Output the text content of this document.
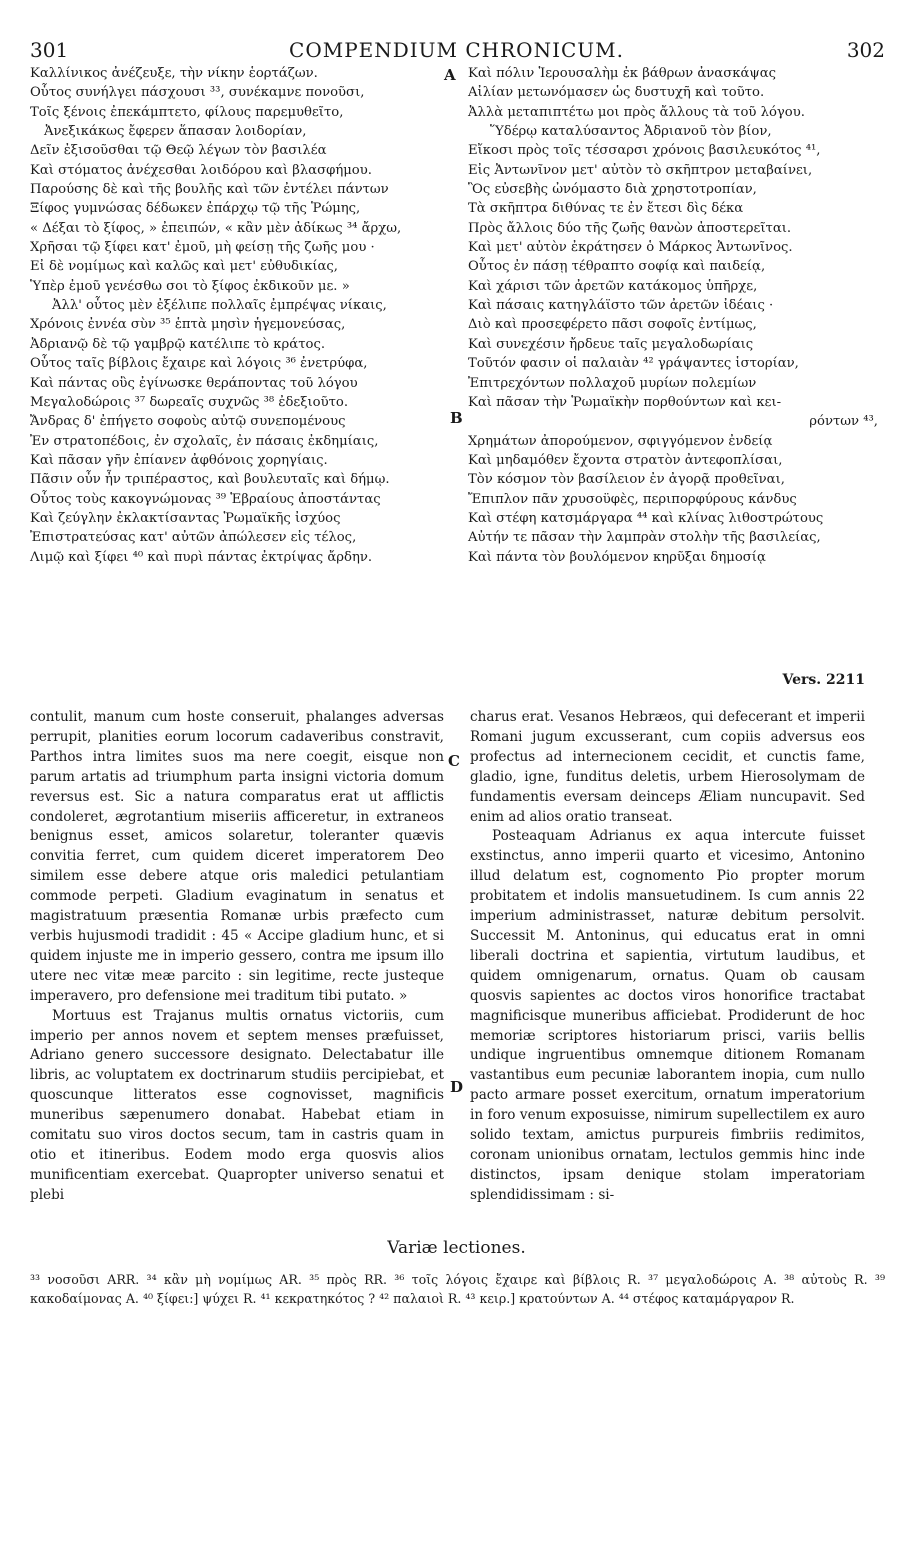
301	COMPENDIUM CHRONICUM.	302
Καλλίνικος ἀνέζευξε, τὴν νίκην ἑορτάζων.
Οὗτος συνήλγει πάσχουσι ³³, συνέκαμνε πονοῦσι,
Τοῖς ξένοις ἐπεκάμπτετο, φίλους παρεμυθεῖτο,
Ἀνεξικάκως ἔφερεν ἅπασαν λοιδορίαν,
Δεῖν ἐξισοῦσθαι τῷ Θεῷ λέγων τὸν βασιλέα
Καὶ στόματος ἀνέχεσθαι λοιδόρου καὶ βλασφήμου.
Παρούσης δὲ καὶ τῆς βουλῆς καὶ τῶν ἐντέλει πάντων
Ξίφος γυμνώσας δέδωκεν ἐπάρχῳ τῷ τῆς Ῥώμης,
« Δέξαι τὸ ξίφος, » ἐπειπών, « κἂν μὲν ἀδίκως ³⁴ ἄρχω,
Χρῆσαι τῷ ξίφει κατ' ἐμοῦ, μὴ φείσῃ τῆς ζωῆς μου ·
Εἰ δὲ νομίμως καὶ καλῶς καὶ μετ' εὐθυδικίας,
Ὑπὲρ ἐμοῦ γενέσθω σοι τὸ ξίφος ἐκδικοῦν με. »
Ἀλλ' οὗτος μὲν ἐξέλιπε πολλαῖς ἐμπρέψας νίκαις,
Χρόνοις ἐννέα σὺν ³⁵ ἑπτὰ μησὶν ἡγεμονεύσας,
Ἀδριανῷ δὲ τῷ γαμβρῷ κατέλιπε τὸ κράτος.
Οὗτος ταῖς βίβλοις ἔχαιρε καὶ λόγοις ³⁶ ἐνετρύφα,
Καὶ πάντας οὓς ἐγίνωσκε θεράποντας τοῦ λόγου
Μεγαλοδώροις ³⁷ δωρεαῖς συχνῶς ³⁸ ἐδεξιοῦτο.
Ἄνδρας δ' ἐπήγετο σοφοὺς αὐτῷ συνεπομένους
Ἐν στρατοπέδοις, ἐν σχολαῖς, ἐν πάσαις ἐκδημίαις,
Καὶ πᾶσαν γῆν ἐπίανεν ἀφθόνοις χορηγίαις.
Πᾶσιν οὖν ἦν τριπέραστος, καὶ βουλευταῖς καὶ δήμῳ.
Οὗτος τοὺς κακογνώμονας ³⁹ Ἑβραίους ἀποστάντας
Καὶ ζεύγλην ἐκλακτίσαντας Ῥωμαϊκῆς ἰσχύος
Ἐπιστρατεύσας κατ' αὐτῶν ἀπώλεσεν εἰς τέλος,
Λιμῷ καὶ ξίφει ⁴⁰ καὶ πυρὶ πάντας ἐκτρίψας ἄρδην.
Καὶ πόλιν Ἱερουσαλὴμ ἐκ βάθρων ἀνασκάψας
Αἰλίαν μετωνόμασεν ὡς δυστυχῆ καὶ τοῦτο.
Ἀλλὰ μεταπιπτέτω μοι πρὸς ἄλλους τὰ τοῦ λόγου.
Ὕδέρῳ καταλύσαντος Ἀδριανοῦ τὸν βίον,
Εἴκοσι πρὸς τοῖς τέσσαρσι χρόνοις βασιλευκότος ⁴¹,
Εἰς Ἀντωνῖνον μετ' αὐτὸν τὸ σκῆπτρον μεταβαίνει,
Ὃς εὐσεβὴς ὠνόμαστο διὰ χρηστοτροπίαν,
Τὰ σκῆπτρα διθύνας τε ἐν ἔτεσι δὶς δέκα
Πρὸς ἄλλοις δύο τῆς ζωῆς θανὼν ἀποστερεῖται.
Καὶ μετ' αὐτὸν ἐκράτησεν ὁ Μάρκος Ἀντωνῖνος.
Οὗτος ἐν πάσῃ τέθραπτο σοφίᾳ καὶ παιδείᾳ,
Καὶ χάρισι τῶν ἀρετῶν κατάκομος ὑπῆρχε,
Καὶ πάσαις κατηγλάϊστο τῶν ἀρετῶν ἰδέαις ·
Διὸ καὶ προσεφέρετο πᾶσι σοφοῖς ἐντίμως,
Καὶ συνεχέσιν ἤρδευε ταῖς μεγαλοδωρίαις
Τοῦτόν φασιν οἱ παλαιὰν ⁴² γράψαντες ἱστορίαν,
Ἐπιτρεχόντων πολλαχοῦ μυρίων πολεμίων
Καὶ πᾶσαν τὴν Ῥωμαϊκὴν πορθούντων καὶ κει-
ρόντων ⁴³,
Χρημάτων ἀπορούμενον, σφιγγόμενον ἐνδείᾳ
Καὶ μηδαμόθεν ἔχοντα στρατὸν ἀντεφοπλίσαι,
Τὸν κόσμον τὸν βασίλειον ἐν ἀγορᾷ προθεῖναι,
Ἔπιπλον πᾶν χρυσοϋφὲς, περιπορφύρους κάνδυς
Καὶ στέφη κατσμάργαρα ⁴⁴ καὶ κλίνας λιθοστρώτους
Αὐτήν τε πᾶσαν τὴν λαμπρὰν στολὴν τῆς βασιλείας,
Καὶ πάντα τὸν βουλόμενον κηρῦξαι δημοσίᾳ
A
B
C
D
Vers. 2211

contulit, manum cum hoste conseruit, phalanges adversas perrupit, planities eorum locorum cadaveribus constravit, Parthos intra limites suos ma nere coegit, eisque non parum artatis ad triumphum parta insigni victoria domum reversus est. Sic a natura comparatus erat ut afflictis condoleret, ægrotantium miseriis afficeretur, in extraneos benignus esset, amicos solaretur, toleranter quævis convitia ferret, cum quidem diceret imperatorem Deo similem esse debere atque oris maledici petulantiam commode perpeti. Gladium evaginatum in senatus et magistratuum præsentia Romanæ urbis præfecto cum verbis hujusmodi tradidit : 45 « Accipe gladium hunc, et si quidem injuste me in imperio gessero, contra me ipsum illo utere nec vitæ meæ parcito : sin legitime, recte justeque imperavero, pro defensione mei traditum tibi putato. »

Mortuus est Trajanus multis ornatus victoriis, cum imperio per annos novem et septem menses præfuisset, Adriano genero successore designato. Delectabatur ille libris, ac voluptatem ex doctrinarum studiis percipiebat, et quoscunque litteratos esse cognovisset, magnificis muneribus sæpenumero donabat. Habebat etiam in comitatu suo viros doctos secum, tam in castris quam in otio et itineribus. Eodem modo erga quosvis alios munificentiam exercebat. Quapropter universo senatui et plebi

charus erat. Vesanos Hebræos, qui defecerant et imperii Romani jugum excusserant, cum copiis adversus eos profectus ad internecionem cecidit, et cunctis fame, gladio, igne, funditus deletis, urbem Hierosolymam de fundamentis eversam deinceps Æliam nuncupavit. Sed enim ad alios oratio transeat.

Posteaquam Adrianus ex aqua intercute fuisset exstinctus, anno imperii quarto et vicesimo, Antonino illud delatum est, cognomento Pio propter morum probitatem et indolis mansuetudinem. Is cum annis 22 imperium administrasset, naturæ debitum persolvit. Successit M. Antoninus, qui educatus erat in omni liberali doctrina et sapientia, virtutum laudibus, et quidem omnigenarum, ornatus. Quam ob causam quosvis sapientes ac doctos viros honorifice tractabat magnificisque muneribus afficiebat. Prodiderunt de hoc memoriæ scriptores historiarum prisci, variis bellis undique ingruentibus omnemque ditionem Romanam vastantibus eum pecuniæ laborantem inopia, cum nullo pacto armare posset exercitum, ornatum imperatorium in foro venum exposuisse, nimirum supellectilem ex auro solido textam, amictus purpureis fimbriis redimitos, coronam unionibus ornatam, lectulos gemmis hinc inde distinctos, ipsam denique stolam imperatoriam splendidissimam : si-

Variæ lectiones.
³³ νοσοῦσι ARR. ³⁴ κἂν μὴ νομίμως AR. ³⁵ πρὸς RR. ³⁶ τοῖς λόγοις ἔχαιρε καὶ βίβλοις R. ³⁷ μεγαλοδώροις A. ³⁸ αὐτοὺς R. ³⁹ κακοδαίμονας A. ⁴⁰ ξίφει:] ψύχει R. ⁴¹ κεκρατηκότος ? ⁴² παλαιοὶ R. ⁴³ κειρ.] κρατούντων A. ⁴⁴ στέφος καταμάργαρον R.
